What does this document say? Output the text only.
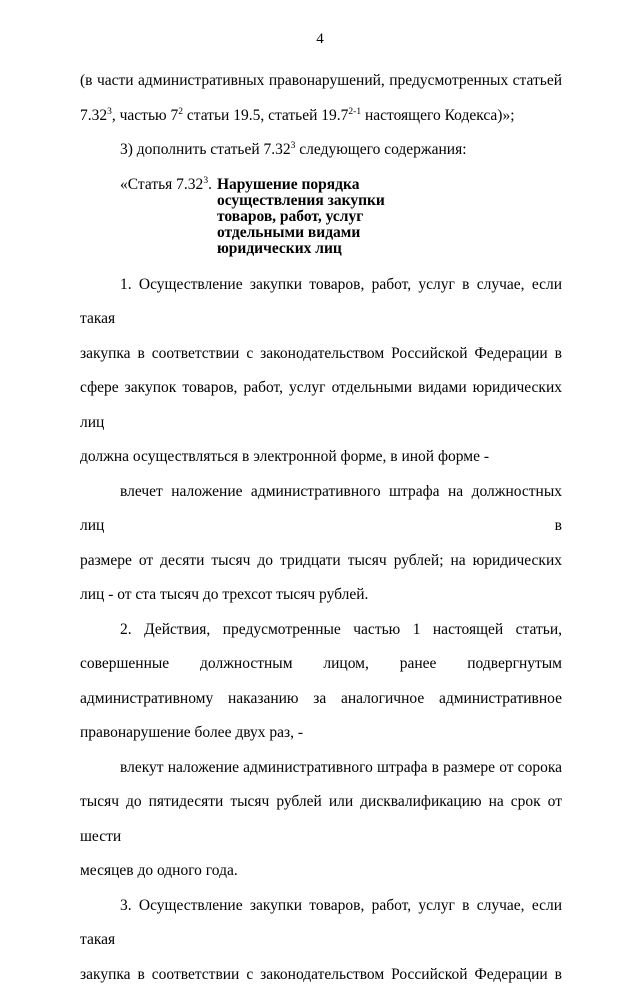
4

(в части административных правонарушений, предусмотренных статьей

7.32$^3$, частью $7^2$ статьи 19.5, статьей 19.7$^{2-1}$ настоящего Кодекса)»;

3) дополнить статьей 7.32$^3$ следующего содержания:

«Статья 7.32$^3$. Нарушение порядка осуществления закупки товаров, работ, услуг отдельными видами юридических лиц

1. Осуществление закупки товаров, работ, услуг в случае, если такая

закупка в соответствии с законодательством Российской Федерации в

сфере закупок товаров, работ, услуг отдельными видами юридических лиц

должна осуществляться в электронной форме, в иной форме -

влечет наложение административного штрафа на должностных лиц в

размере от десяти тысяч до тридцати тысяч рублей; на юридических

лиц - от ста тысяч до трехсот тысяч рублей.

2. Действия, предусмотренные частью 1 настоящей статьи,

совершенные должностным лицом, ранее подвергнутым

административному наказанию за аналогичное административное

правонарушение более двух раз, -

влекут наложение административного штрафа в размере от сорока

тысяч до пятидесяти тысяч рублей или дисквалификацию на срок от шести

месяцев до одного года.

3. Осуществление закупки товаров, работ, услуг в случае, если такая

закупка в соответствии с законодательством Российской Федерации в
